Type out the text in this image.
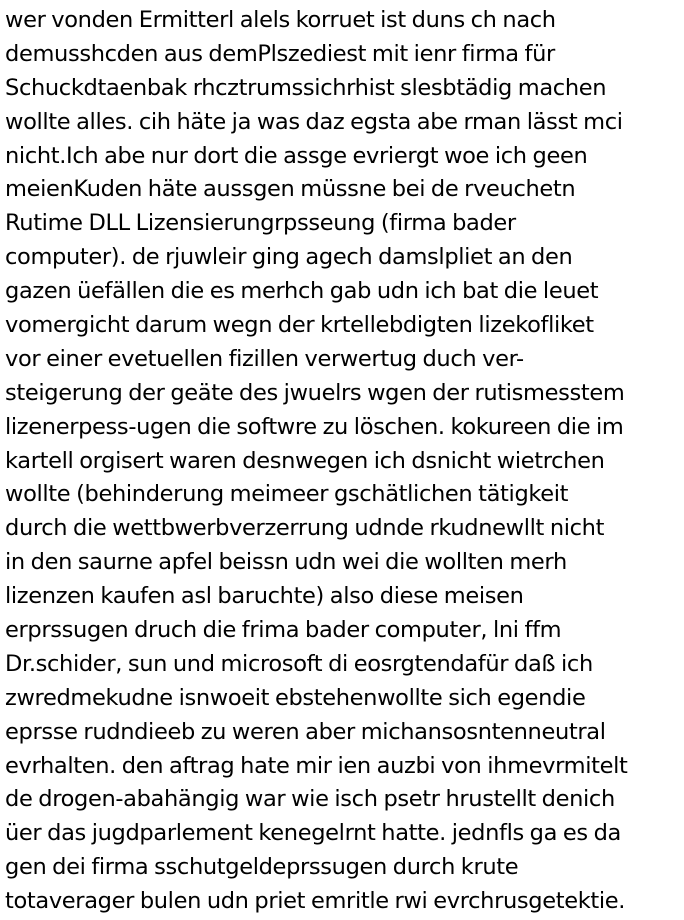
wer vonden Ermitterl alels korruet ist duns ch nach
demusshcden aus demPlszediest mit ienr firma für
Schuckdtaenbak rhcztrumssichrhist slesbtädig machen
wollte alles. cih häte ja was daz egsta abe rman lässt mci
nicht.Ich abe nur dort die assge evriergt woe ich geen
meienKuden häte aussgen müssne bei de rveuchetn
Rutime DLL Lizensierungrpsseung (firma bader
computer). de rjuwleir ging agech damslpliet an den
gazen üefällen die es merhch gab udn ich bat die leuet
vomergicht darum wegn der krtellebdigten lizekofliket
vor einer evetuellen fizillen verwertug duch ver-
steigerung der geäte des jwuelrs wgen der rutismesstem
lizenerpess-ugen die softwre zu löschen. kokureen die im
kartell orgisert waren desnwegen ich dsnicht wietrchen
wollte (behinderung meimeer gschätlichen tätigkeit
durch die wettbwerbverzerrung udnde rkudnewllt nicht
in den saurne apfel beissn udn wei die wollten merh
lizenzen kaufen asl baruchte) also diese meisen
erprssugen druch die frima bader computer, lni ffm
Dr.schider, sun und microsoft di eosrgtendafür daß ich
zwredmekudne isnwoeit ebstehenwollte sich egendie
eprsse rudndieeb zu weren aber michansosntenneutral
evrhalten. den aftrag hate mir ien auzbi von ihmevrmitelt
de drogen-abahängig war wie isch psetr hrustellt denich
üer das jugdparlement kenegelrnt hatte. jednfls ga es da
gen dei firma sschutgeldeprssugen durch krute
totaverager bulen udn priet emritle rwi evrchrusgetektie.
